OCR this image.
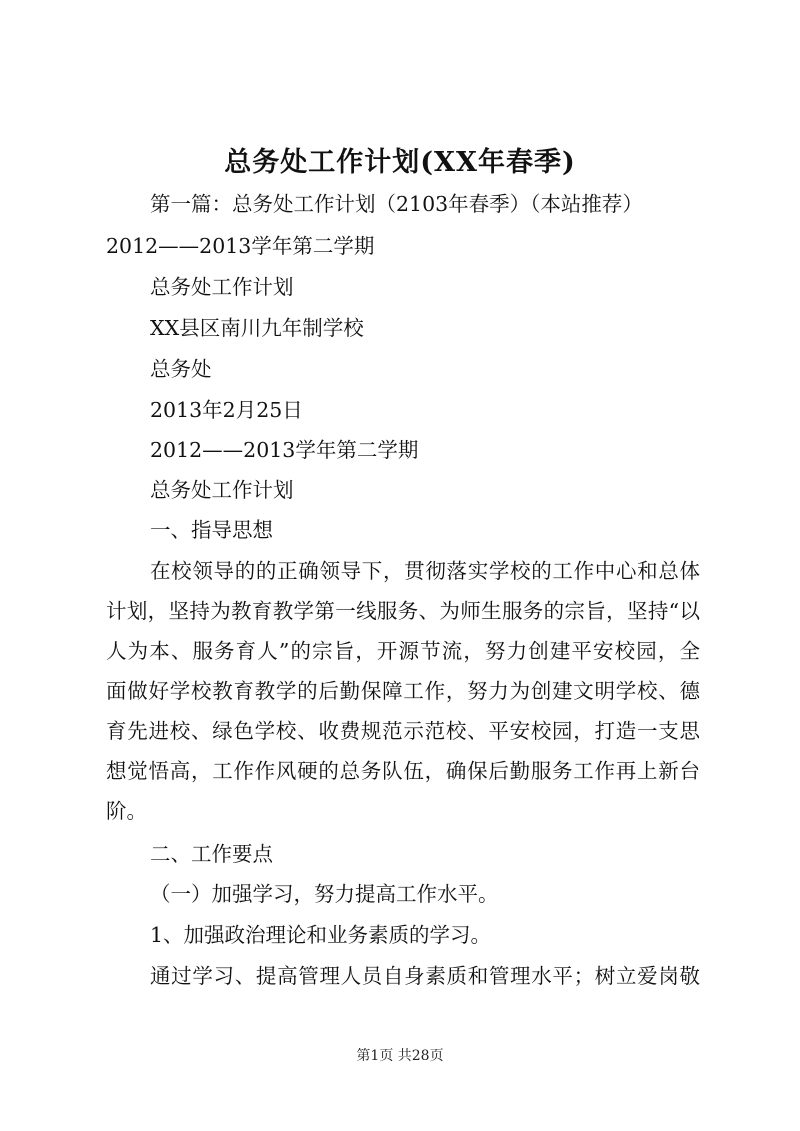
总务处工作计划(XX年春季)
第一篇：总务处工作计划（2103年春季）（本站推荐）
2012——2013学年第二学期
总务处工作计划
XX县区南川九年制学校
总务处
2013年2月25日
2012——2013学年第二学期
总务处工作计划
一、指导思想
在校领导的的正确领导下，贯彻落实学校的工作中心和总体
计划，坚持为教育教学第一线服务、为师生服务的宗旨，坚持“以
人为本、服务育人”的宗旨，开源节流，努力创建平安校园，全
面做好学校教育教学的后勤保障工作，努力为创建文明学校、德
育先进校、绿色学校、收费规范示范校、平安校园，打造一支思
想觉悟高，工作作风硬的总务队伍，确保后勤服务工作再上新台
阶。
二、工作要点
（一）加强学习，努力提高工作水平。
1、加强政治理论和业务素质的学习。
通过学习、提高管理人员自身素质和管理水平；树立爱岗敬
第1页 共28页
